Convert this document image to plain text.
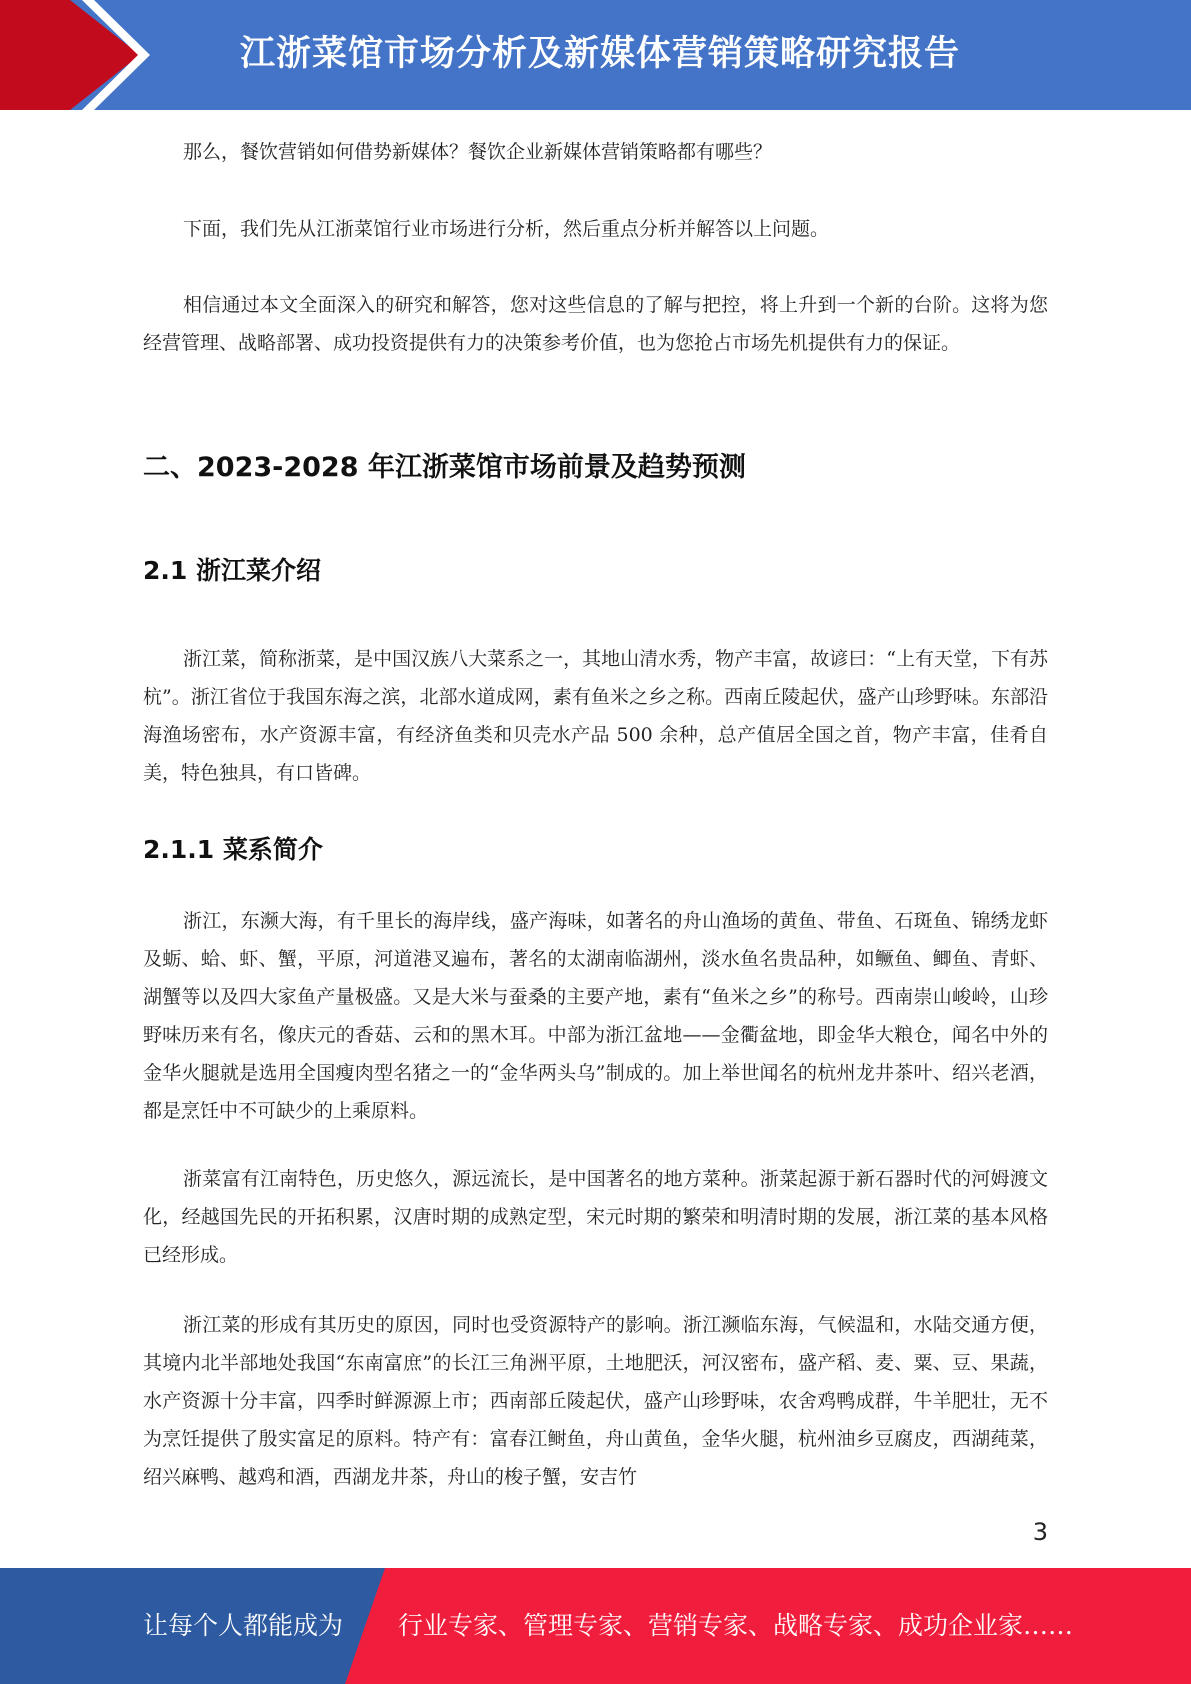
江浙菜馆市场分析及新媒体营销策略研究报告

那么，餐饮营销如何借势新媒体？餐饮企业新媒体营销策略都有哪些？

下面，我们先从江浙菜馆行业市场进行分析，然后重点分析并解答以上问题。

相信通过本文全面深入的研究和解答，您对这些信息的了解与把控，将上升到一个新的台阶。这将为您经营管理、战略部署、成功投资提供有力的决策参考价值，也为您抢占市场先机提供有力的保证。

二、2023-2028 年江浙菜馆市场前景及趋势预测
2.1 浙江菜介绍

浙江菜，简称浙菜，是中国汉族八大菜系之一，其地山清水秀，物产丰富，故谚曰：“上有天堂，下有苏杭”。浙江省位于我国东海之滨，北部水道成网，素有鱼米之乡之称。西南丘陵起伏，盛产山珍野味。东部沿海渔场密布，水产资源丰富，有经济鱼类和贝壳水产品 500 余种，总产值居全国之首，物产丰富，佳肴自美，特色独具，有口皆碑。

2.1.1 菜系简介

浙江，东濒大海，有千里长的海岸线，盛产海味，如著名的舟山渔场的黄鱼、带鱼、石斑鱼、锦绣龙虾及蛎、蛤、虾、蟹，平原，河道港叉遍布，著名的太湖南临湖州，淡水鱼名贵品种，如鳜鱼、鲫鱼、青虾、湖蟹等以及四大家鱼产量极盛。又是大米与蚕桑的主要产地，素有“鱼米之乡”的称号。西南崇山峻岭，山珍野味历来有名，像庆元的香菇、云和的黑木耳。中部为浙江盆地——金衢盆地，即金华大粮仓，闻名中外的金华火腿就是选用全国瘦肉型名猪之一的“金华两头乌”制成的。加上举世闻名的杭州龙井茶叶、绍兴老酒，都是烹饪中不可缺少的上乘原料。

浙菜富有江南特色，历史悠久，源远流长，是中国著名的地方菜种。浙菜起源于新石器时代的河姆渡文化，经越国先民的开拓积累，汉唐时期的成熟定型，宋元时期的繁荣和明清时期的发展，浙江菜的基本风格已经形成。

浙江菜的形成有其历史的原因，同时也受资源特产的影响。浙江濒临东海，气候温和，水陆交通方便，其境内北半部地处我国“东南富庶”的长江三角洲平原，土地肥沃，河汉密布，盛产稻、麦、粟、豆、果蔬，水产资源十分丰富，四季时鲜源源上市；西南部丘陵起伏，盛产山珍野味，农舍鸡鸭成群，牛羊肥壮，无不为烹饪提供了殷实富足的原料。特产有：富春江鲥鱼，舟山黄鱼，金华火腿，杭州油乡豆腐皮，西湖莼菜，绍兴麻鸭、越鸡和酒，西湖龙井茶，舟山的梭子蟹，安吉竹

3
让每个人都能成为 行业专家、管理专家、营销专家、战略专家、成功企业家……
